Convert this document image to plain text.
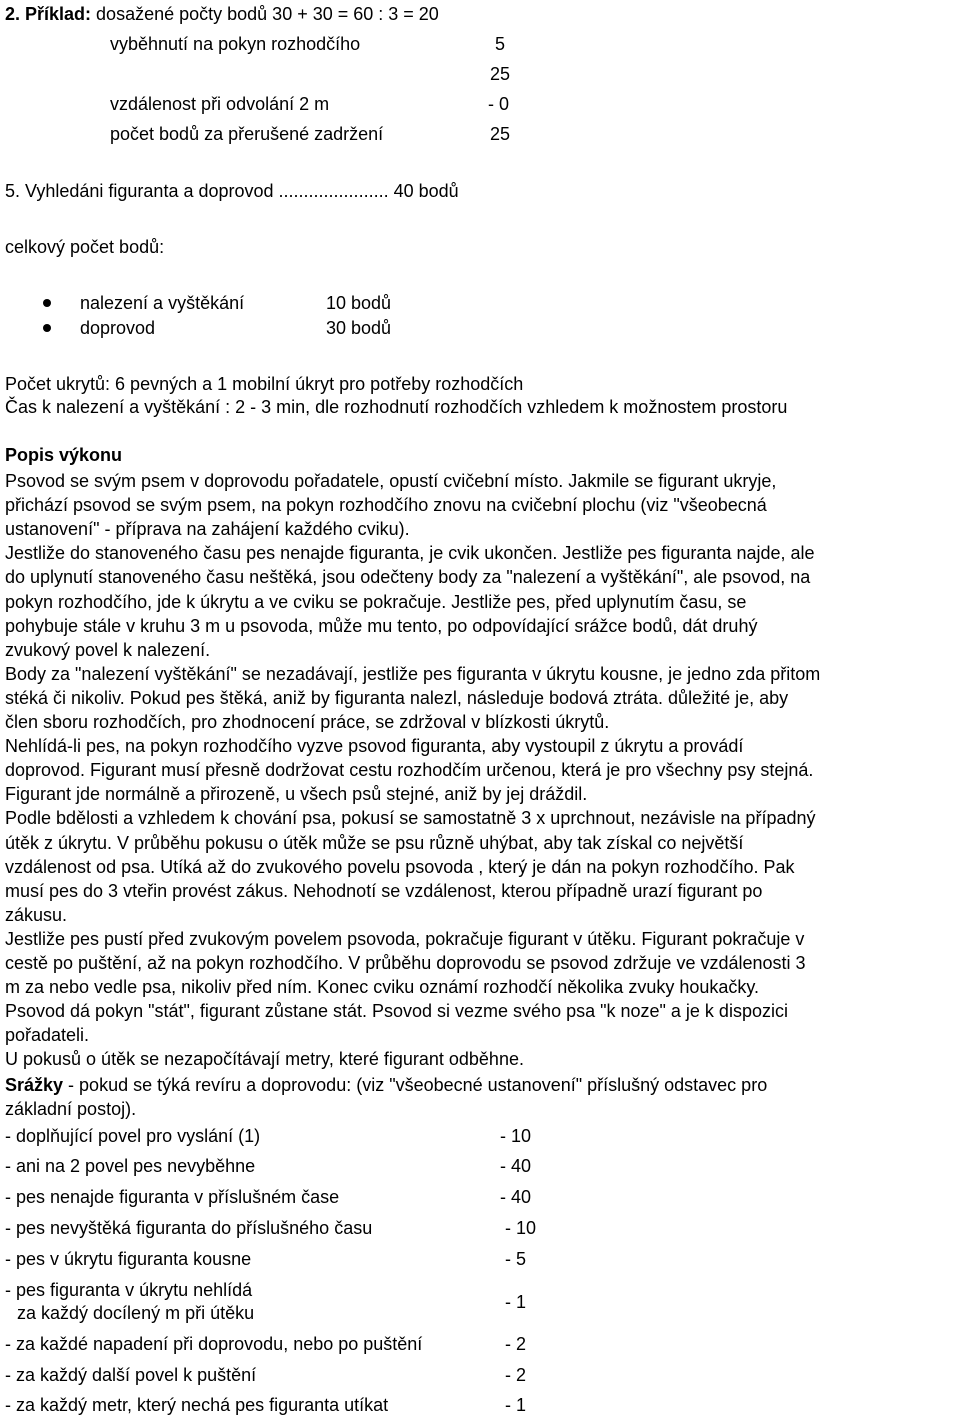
2. Příklad: dosažené počty bodů 30 + 30 = 60 : 3 = 20
vyběhnutí na pokyn rozhodčího	5
25
vzdálenost při odvolání 2 m	- 0
počet bodů za přerušené zadržení	25
5. Vyhledáni figuranta a doprovod ...................... 40 bodů
celkový počet bodů:
nalezení a vyštěkání	10 bodů
doprovod	30 bodů
Počet ukrytů: 6 pevných a 1 mobilní úkryt pro potřeby rozhodčích
Čas k nalezení a vyštěkání : 2 - 3 min, dle rozhodnutí rozhodčích vzhledem k možnostem prostoru
Popis výkonu
Psovod se svým psem v doprovodu pořadatele, opustí cvičební místo. Jakmile se figurant ukryje,
přichází psovod se svým psem, na pokyn rozhodčího znovu na cvičební plochu (viz "všeobecná
ustanovení" - příprava na zahájení každého cviku).
Jestliže do stanoveného času pes nenajde figuranta, je cvik ukončen. Jestliže pes figuranta najde, ale
do uplynutí stanoveného času neštěká, jsou odečteny body za "nalezení a vyštěkání", ale psovod, na
pokyn rozhodčího, jde k úkrytu a ve cviku se pokračuje. Jestliže pes, před uplynutím času, se
pohybuje stále v kruhu 3 m u psovoda, může mu tento, po odpovídající srážce bodů, dát druhý
zvukový povel k nalezení.
Body za "nalezení vyštěkání" se nezadávají, jestliže pes figuranta v úkrytu kousne, je jedno zda přitom
stéká či nikoliv. Pokud pes štěká, aniž by figuranta nalezl, následuje bodová ztráta. důležité je, aby
člen sboru rozhodčích, pro zhodnocení práce, se zdržoval v blízkosti úkrytů.
Nehlídá-li pes, na pokyn rozhodčího vyzve psovod figuranta, aby vystoupil z úkrytu a provádí
doprovod. Figurant musí přesně dodržovat cestu rozhodčím určenou, která je pro všechny psy stejná.
Figurant jde normálně a přirozeně, u všech psů stejné, aniž by jej dráždil.
Podle bdělosti a vzhledem k chování psa, pokusí se samostatně 3 x uprchnout, nezávisle na případný
útěk z úkrytu. V průběhu pokusu o útěk může se psu různě uhýbat, aby tak získal co největší
vzdálenost od psa. Utíká až do zvukového povelu psovoda , který je dán na pokyn rozhodčího. Pak
musí pes do 3 vteřin provést zákus. Nehodnotí se vzdálenost, kterou případně urazí figurant po
zákusu.
Jestliže pes pustí před zvukovým povelem psovoda, pokračuje figurant v útěku. Figurant pokračuje v
cestě po puštění, až na pokyn rozhodčího. V průběhu doprovodu se psovod zdržuje ve vzdálenosti 3
m za nebo vedle psa, nikoliv před ním. Konec cviku oznámí rozhodčí několika zvuky houkačky.
Psovod dá pokyn "stát", figurant zůstane stát. Psovod si vezme svého psa "k noze" a je k dispozici
pořadateli.
U pokusů o útěk se nezapočítávají metry, které figurant odběhne.
Srážky - pokud se týká revíru a doprovodu: (viz "všeobecné ustanovení" příslušný odstavec pro
základní postoj).
- doplňující povel pro vyslání (1)	- 10
- ani na 2 povel pes nevyběhne	- 40
- pes nenajde figuranta v příslušném čase	- 40
- pes nevyštěká figuranta do příslušného času	- 10
- pes v úkrytu figuranta kousne	- 5
- pes figuranta v úkrytu nehlídá
za každý docílený m při útěku
- 1
- za každé napadení při doprovodu, nebo po puštění	- 2
- za každý další povel k puštění	- 2
- za každý metr, který nechá pes figuranta utíkat	- 1
